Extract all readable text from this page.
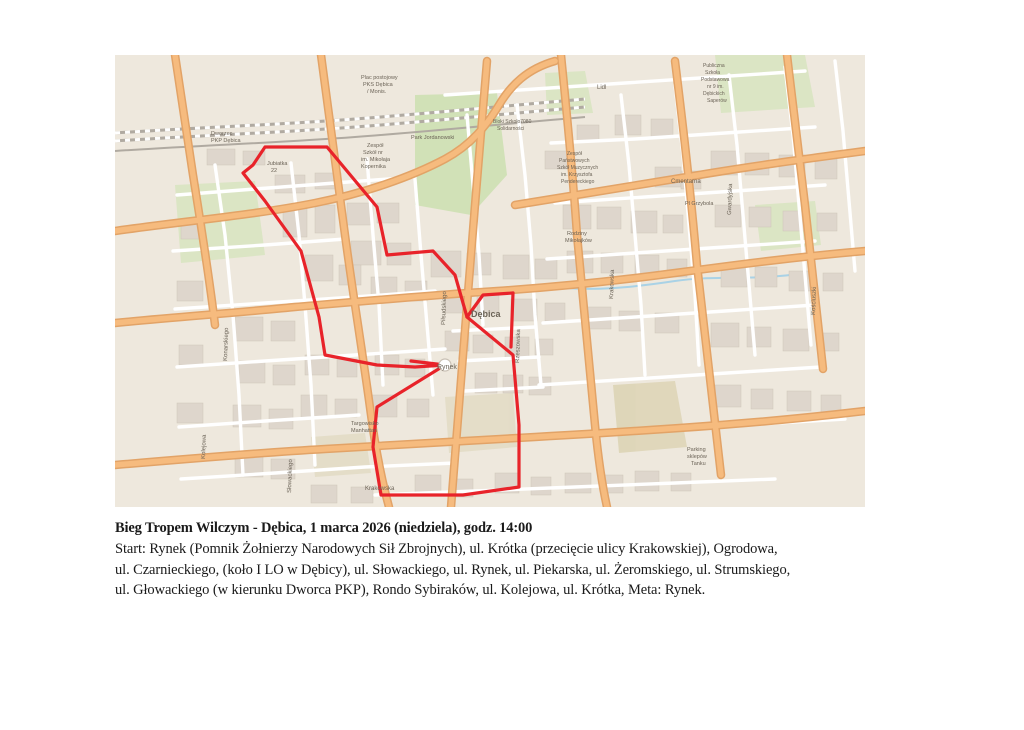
Dębica
Rynek
Dworzec
PKP Dębica
Jubiatka
22
Plac postojowy
PKS Dębica
/ Monis.
Zespół
Szkół nr
im. Mikołaja
Kopernika
Park Jordanowski
Lidl
Publiczna
Szkoła
Podstawowa
nr 9 im.
Dębickich
Saperów
Bloki Szkoło7080
Solidarności
Zespół
Państwowych
Szkół Muzycznych
im. Krzysztofa
Pendereckiego
Rodziny
Mikołajków
Pl Grzybola
Targowisko
Manhattan
Parking
sklepów
Tanku
Konarskiego
Kolejowa
Piłsudskiego
Rzeszowska
Krakowska
Gwardyjska
Kościuszki
Cmentarna
Krakowska
Słowackiego
Bieg Tropem Wilczym - Dębica, 1 marca 2026 (niedziela), godz. 14:00
Start: Rynek (Pomnik Żołnierzy Narodowych Sił Zbrojnych), ul. Krótka (przecięcie ulicy Krakowskiej), Ogrodowa,
ul. Czarnieckiego, (koło I LO w Dębicy), ul. Słowackiego, ul. Rynek, ul. Piekarska, ul. Żeromskiego, ul. Strumskiego,
ul. Głowackiego (w kierunku Dworca PKP), Rondo Sybiraków, ul. Kolejowa, ul. Krótka, Meta: Rynek.
